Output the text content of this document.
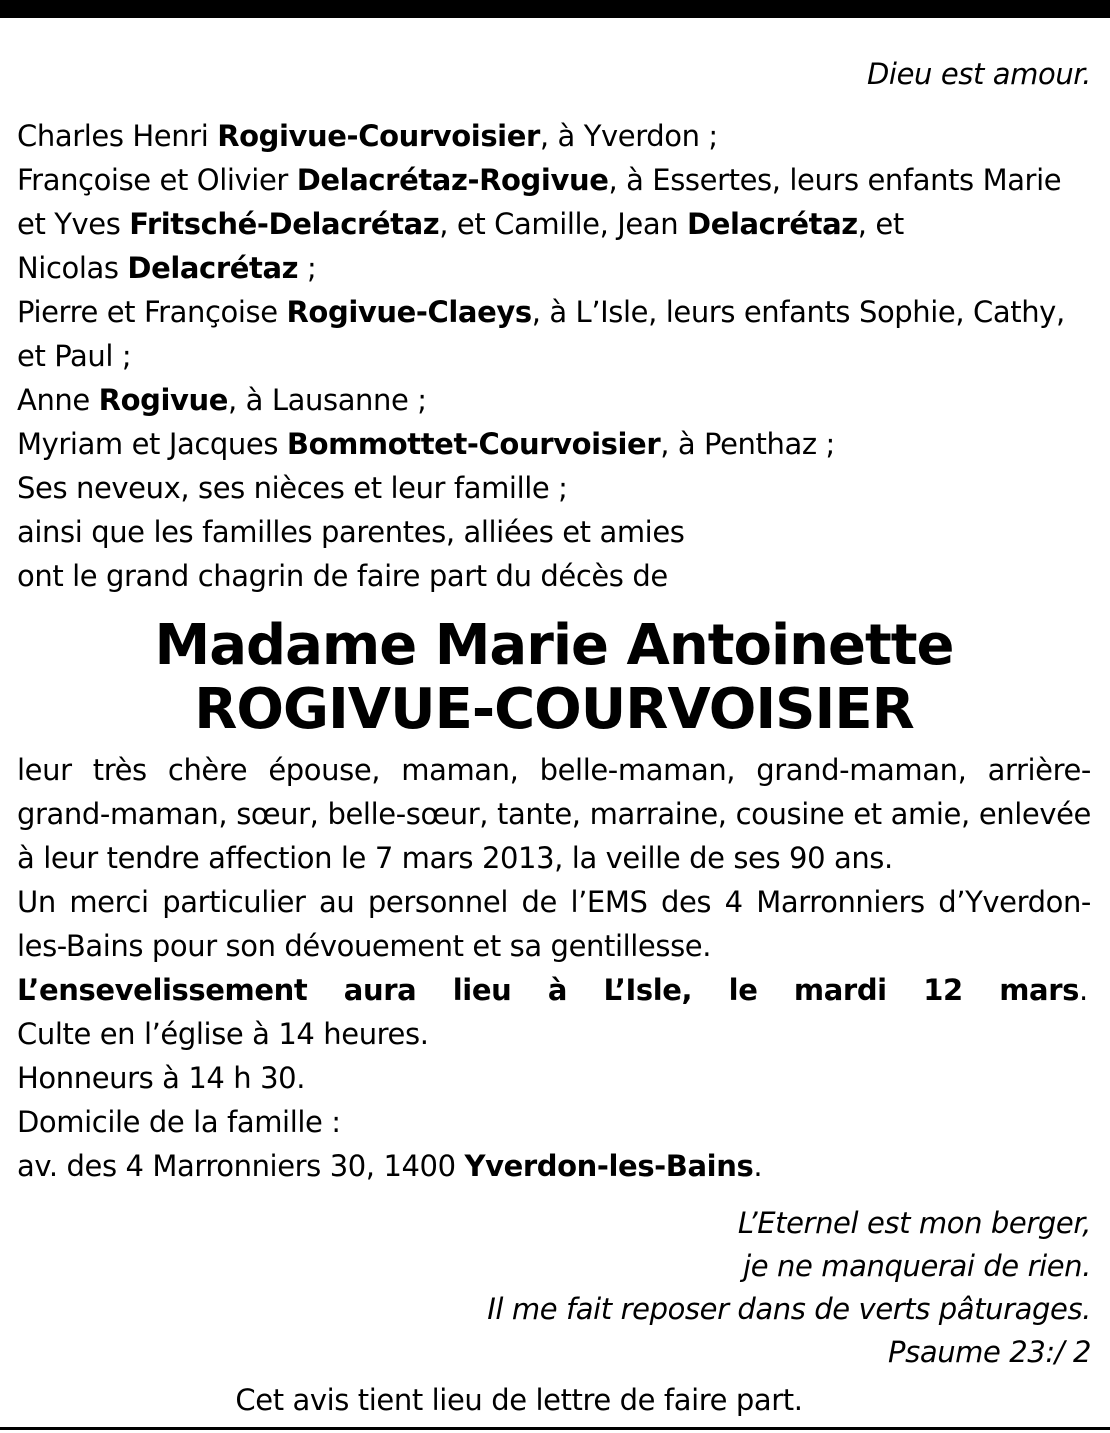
Dieu est amour.
Charles Henri Rogivue-Courvoisier, à Yverdon ;
Françoise et Olivier Delacrétaz-Rogivue, à Essertes, leurs enfants Marie
et Yves Fritsché-Delacrétaz, et Camille, Jean Delacrétaz, et
Nicolas Delacrétaz ;
Pierre et Françoise Rogivue-Claeys, à L’Isle, leurs enfants Sophie, Cathy,
et Paul ;
Anne Rogivue, à Lausanne ;
Myriam et Jacques Bommottet-Courvoisier, à Penthaz ;
Ses neveux, ses nièces et leur famille ;
ainsi que les familles parentes, alliées et amies
ont le grand chagrin de faire part du décès de
Madame Marie Antoinette
ROGIVUE-COURVOISIER
leur très chère épouse, maman, belle-maman, grand-maman, arrière-grand-maman, sœur, belle-sœur, tante, marraine, cousine et amie, enlevée à leur tendre affection le 7 mars 2013, la veille de ses 90 ans.
Un merci particulier au personnel de l’EMS des 4 Marronniers d’Yverdon-les-Bains pour son dévouement et sa gentillesse.
L’ensevelissement aura lieu à L’Isle, le mardi 12 mars.
Culte en l’église à 14 heures.
Honneurs à 14 h 30.
Domicile de la famille :
av. des 4 Marronniers 30, 1400 Yverdon-les-Bains.
L’Eternel est mon berger,
je ne manquerai de rien.
Il me fait reposer dans de verts pâturages.
Psaume 23:/ 2
Cet avis tient lieu de lettre de faire part.
